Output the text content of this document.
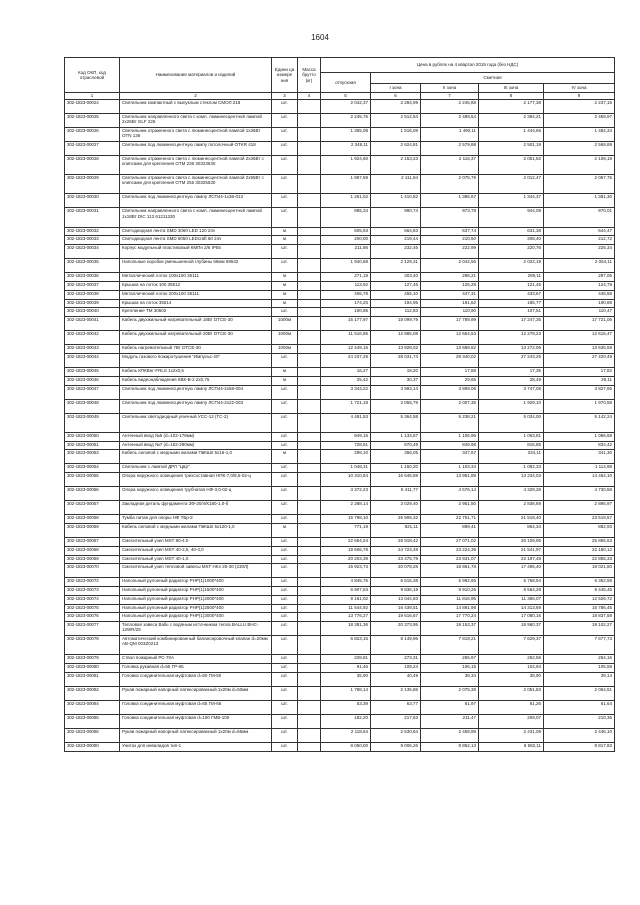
1604
Код ОКП, код отраслевой	Наименование материалов и изделий	Едини ца измере ния	Масса брутто (кг)	Цена в рублях на 4 квартал 2015 года (без НДС)				
				отпускная	Сметная			
					I зона	II зона	III зона	IV зона
1	2	3	4	5	6	7	8	9
302-1823-00024	Светильник компактный с выпуклым стеклом СМОЛ 218	шт.		2 042,37	2 284,99	2 245,88	2 177,38	2 237,15
302-1823-00025	Светильник направленного света с комп. люминесцентной лампой 2х26Вт GLF 226	шт.		2 245,76	2 512,54	2 489,54	2 394,21	2 459,97
302-1823-00026	Светильник отраженного света с люминесцентной лампой 1х36Вт OTN 136	шт.		1 355,08	1 516,08	1 490,11	1 444,66	1 484,34
302-1823-00027	Светильник под люминесцентную лампу потолочный OTKR 418	шт.		2 348,11	2 624,81	2 579,88	2 501,19	2 569,89
302-1823-00028	Светильник отраженного света с люминесцентной лампой 2х36Вт с клипсами для крепления OTM 236 30323630	шт.		1 924,60	2 153,23	2 116,37	2 051,82	2 108,18
302-1823-00029	Светильник отраженного света с люминесцентной лампой 2х55Вт с клипсами для крепления OTM 255 30325530	шт.		1 887,69	2 111,94	2 075,79	2 012,47	2 067,75
302-1823-00030	Светильник под люминесцентную лампу ЛСП44-1х36-013	шт.		1 261,02	1 410,82	1 386,67	1 344,37	1 381,30
302-1823-00031	Светильник направленного света с комп. люминесцентной лампой 1х18Вт DIC 113 61211330	шт.		885,34	990,74	973,78	944,08	970,01
302-1823-00032	Светодиодная лента SMD 3060 LED 120 24v	м		605,93	664,83	637,74	631,38	644,47
302-1823-00033	Светодиодная лента SMD 5050 LEDcraft 60 24v	м		200,00	219,44	210,50	208,40	212,72
302-1823-00034	Корпус модульный пластиковый КМПн 2/6 IP55	шт.		211,86	232,46	222,99	220,76	225,34
302-1823-00035	Напольные коробки уменьшенной глубины 65мм 69532	шт.		1 940,68	2 129,31	2 042,56	2 022,19	2 064,11
302-1823-00036	Металлический лоток 100х100 35111	м		271,19	303,40	298,21	289,11	297,05
302-1823-00037	Крышка на лоток 100 35512	м		113,92	127,46	125,28	121,45	124,79
302-1823-00038	Металлический лоток 200х100 35111	м		406,78	455,10	447,31	433,67	445,58
302-1823-00039	Крышка на лоток 35514	м		174,25	194,95	191,62	185,77	190,88
302-1823-00040	Крепление ТМ 30602	шт.		100,85	112,83	110,90	107,51	110,47
302-1823-00041	Кабель двухжильный нагревательный 18Вт DTCE-30	1000м		16 177,97	18 099,79	17 789,99	17 247,35	17 721,06
302-1823-00042	Кабель двухжильный нагревательный 20Вт DTCE-30	1000м		11 516,95	12 885,08	12 664,53	12 278,23	12 615,47
302-1823-00043	Кабель нагревательный 7Вт DTCE-30	1000м		12 449,15	13 928,02	13 689,62	13 272,06	13 636,59
302-1823-00044	Модуль газового пожаротушения "Импульс-20"	шт.		24 237,29	28 031,74	28 340,02	27 243,25	27 420,49
302-1823-00045	Кабель КПКВнг-FRLS 1х2х0,5	м		16,27	18,20	17,88	17,35	17,82
302-1823-00046	Кабель видеонаблюдения КВК-В-2 2х0,75	м		25,42	30,37	29,65	28,49	29,11
302-1823-00047	Светильник под люминесцентную лампу ЛСП44-2х58-004	шт.		3 343,22	3 993,14	3 899,08	3 747,08	3 827,65
302-1823-00048	Светильник под люминесцентную лампу ЛСП44-2х22-003	шт.		1 721,19	2 055,79	2 007,35	1 929,10	1 970,58
302-1823-00049	Светильник светодиодный уличный УСС-12 (ТС-2)	шт.		4 491,53	5 364,58	5 238,21	5 034,00	5 142,24
302-1823-00050	Антенный ввод №5 (d=102-178мм)	шт.		949,15	1 133,67	1 106,96	1 063,81	1 086,68
302-1823-00051	Антенный ввод №7 (d=152-280мм)	шт.		728,81	870,49	849,98	816,85	834,42
302-1823-00053	Кабель силовой с медными жилами ПвКШп 5х16-1,0	м		298,10	356,05	347,67	334,11	341,30
302-1823-00054	Светильник с лампой ДРЛ "Цвр"	шт.		1 048,31	1 150,20	1 103,34	1 092,33	1 114,98
302-1823-00055	Опора наружного освещения трехсоставная НПК-7,0/8,5-02-ц	шт.		10 310,84	16 546,88	13 981,88	13 234,03	14 464,10
302-1823-00056	Опора наружного освещения трубчатая НФ-3,0-02-ц	шт.		3 372,23	5 411,77	4 576,14	4 328,28	4 730,58
302-1823-00057	Закладная деталь фундамента ЗФ-20/4/К180-1,0-б	шт.		2 288,14	3 029,40	2 951,50	2 836,69	2 895,97
302-1823-00058	Тумба литая для опоры НФ ТБр-2	шт.		16 798,10	26 906,32	22 751,71	21 519,40	23 519,57
302-1823-00059	Кабель силовой с медными жилами ПвКШп 5х120-1,0	м		771,19	921,11	899,41	864,34	882,93
302-1823-00067	Смесительный узел MST 80-4.0	шт.		22 654,24	29 918,42	27 071,02	26 109,95	25 865,63
302-1823-00068	Смесительный узел MST 40-2,5, 40-4,0	шт.		19 606,78	24 723,48	23 224,39	21 541,97	22 180,12
302-1823-00069	Смесительный узел MST 40-1,0	шт.		20 203,39	23 475,79	23 931,07	22 197,48	22 855,33
302-1823-00070	Смесительный узел тепловой завесы MST HKv 25-30 (230Л)	шт.		15 923,73	20 078,28	18 861,78	17 495,40	18 021,80
302-1823-00072	Напольный рулонный радиатор РНР(1)1000*400	шт.		4 845,76	6 615,38	5 992,65	5 758,94	6 352,58
302-1823-00073	Напольный рулонный радиатор РНР(1)1500*400	шт.		6 907,63	9 836,19	8 910,26	8 564,28	9 445,45
302-1823-00074	Напольный рулонный радиатор РНР(1)2000*400	шт.		9 161,02	13 044,83	11 816,95	11 356,07	12 526,72
302-1823-00075	Напольный рулонный радиатор РНР(1)2500*400	шт.		11 544,92	16 439,51	14 891,98	14 313,69	15 786,45
302-1823-00076	Напольный рулонный радиатор РНР(1)3000*400	шт.		13 776,27	19 616,67	17 770,24	17 080,16	18 837,58
302-1823-00077	Тепловая завеса Ballu с водяным источником тепла BALLU BHC-12WR/25	шт.		18 381,36	20 373,95	19 153,37	18 960,37	19 102,27
302-1823-00078	Автоматический комбинированный балансировочный клапан d=20мм AB-QM 003Z0213	шт.		6 823,15	8 149,96	7 819,21	7 629,37	7 677,73
302-1823-00079	Ствол пожарный РС-70А	шт.		228,81	273,31	265,97	262,56	264,16
302-1823-00080	Головка рукавная d=65 ГР-65	шт.		91,46	109,24	106,15	104,94	105,59
302-1823-00081	Головка соединительная муфтовая d=50 ГМ-50	шт.		35,90	40,49	38,34	38,90	39,14
302-1823-00082	Рукав пожарный напорный латексированный 1х20м d=50мм	шт.		1 788,14	2 135,86	2 075,38	2 051,83	2 064,51
302-1823-00084	Головка соединительная муфтовая d=65 ГМ-65	шт.		53,39	63,77	61,97	61,26	61,64
302-1823-00085	Головка соединительная муфтовая d=100 ГМВ-100	шт.		182,20	217,63	211,47	209,07	210,36
302-1823-00086	Рукав пожарный напорный латексированный 1х20м d=65мм	шт.		2 118,64	2 530,64	2 458,98	2 431,08	2 446,10
302-1823-00090	Унитаз для инвалидов тип-1	шт.		8 050,00	9 006,26	8 852,13	8 582,11	8 817,83
